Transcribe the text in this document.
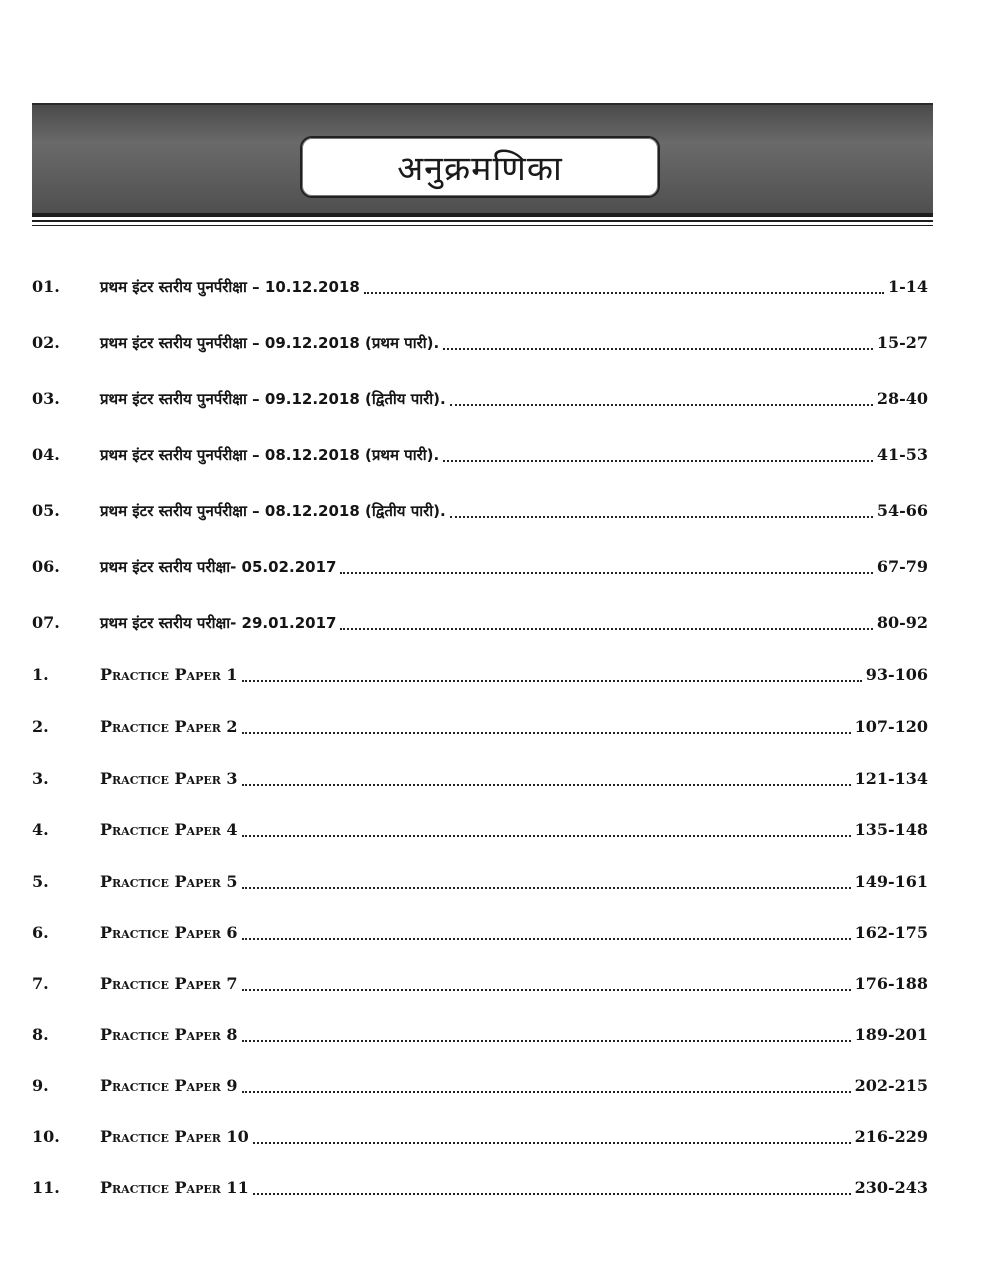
अनुक्रमणिका
01.	प्रथम इंटर स्तरीय पुनर्परीक्षा – 10.12.2018	1-14
02.	प्रथम इंटर स्तरीय पुनर्परीक्षा – 09.12.2018 (प्रथम पारी).	15-27
03.	प्रथम इंटर स्तरीय पुनर्परीक्षा – 09.12.2018 (द्वितीय पारी).	28-40
04.	प्रथम इंटर स्तरीय पुनर्परीक्षा – 08.12.2018 (प्रथम पारी).	41-53
05.	प्रथम इंटर स्तरीय पुनर्परीक्षा – 08.12.2018 (द्वितीय पारी).	54-66
06.	प्रथम इंटर स्तरीय परीक्षा- 05.02.2017	67-79
07.	प्रथम इंटर स्तरीय परीक्षा- 29.01.2017	80-92
1.	Practice Paper 1	93-106
2.	Practice Paper 2	107-120
3.	Practice Paper 3	121-134
4.	Practice Paper 4	135-148
5.	Practice Paper 5	149-161
6.	Practice Paper 6	162-175
7.	Practice Paper 7	176-188
8.	Practice Paper 8	189-201
9.	Practice Paper 9	202-215
10.	Practice Paper 10	216-229
11.	Practice Paper 11	230-243
